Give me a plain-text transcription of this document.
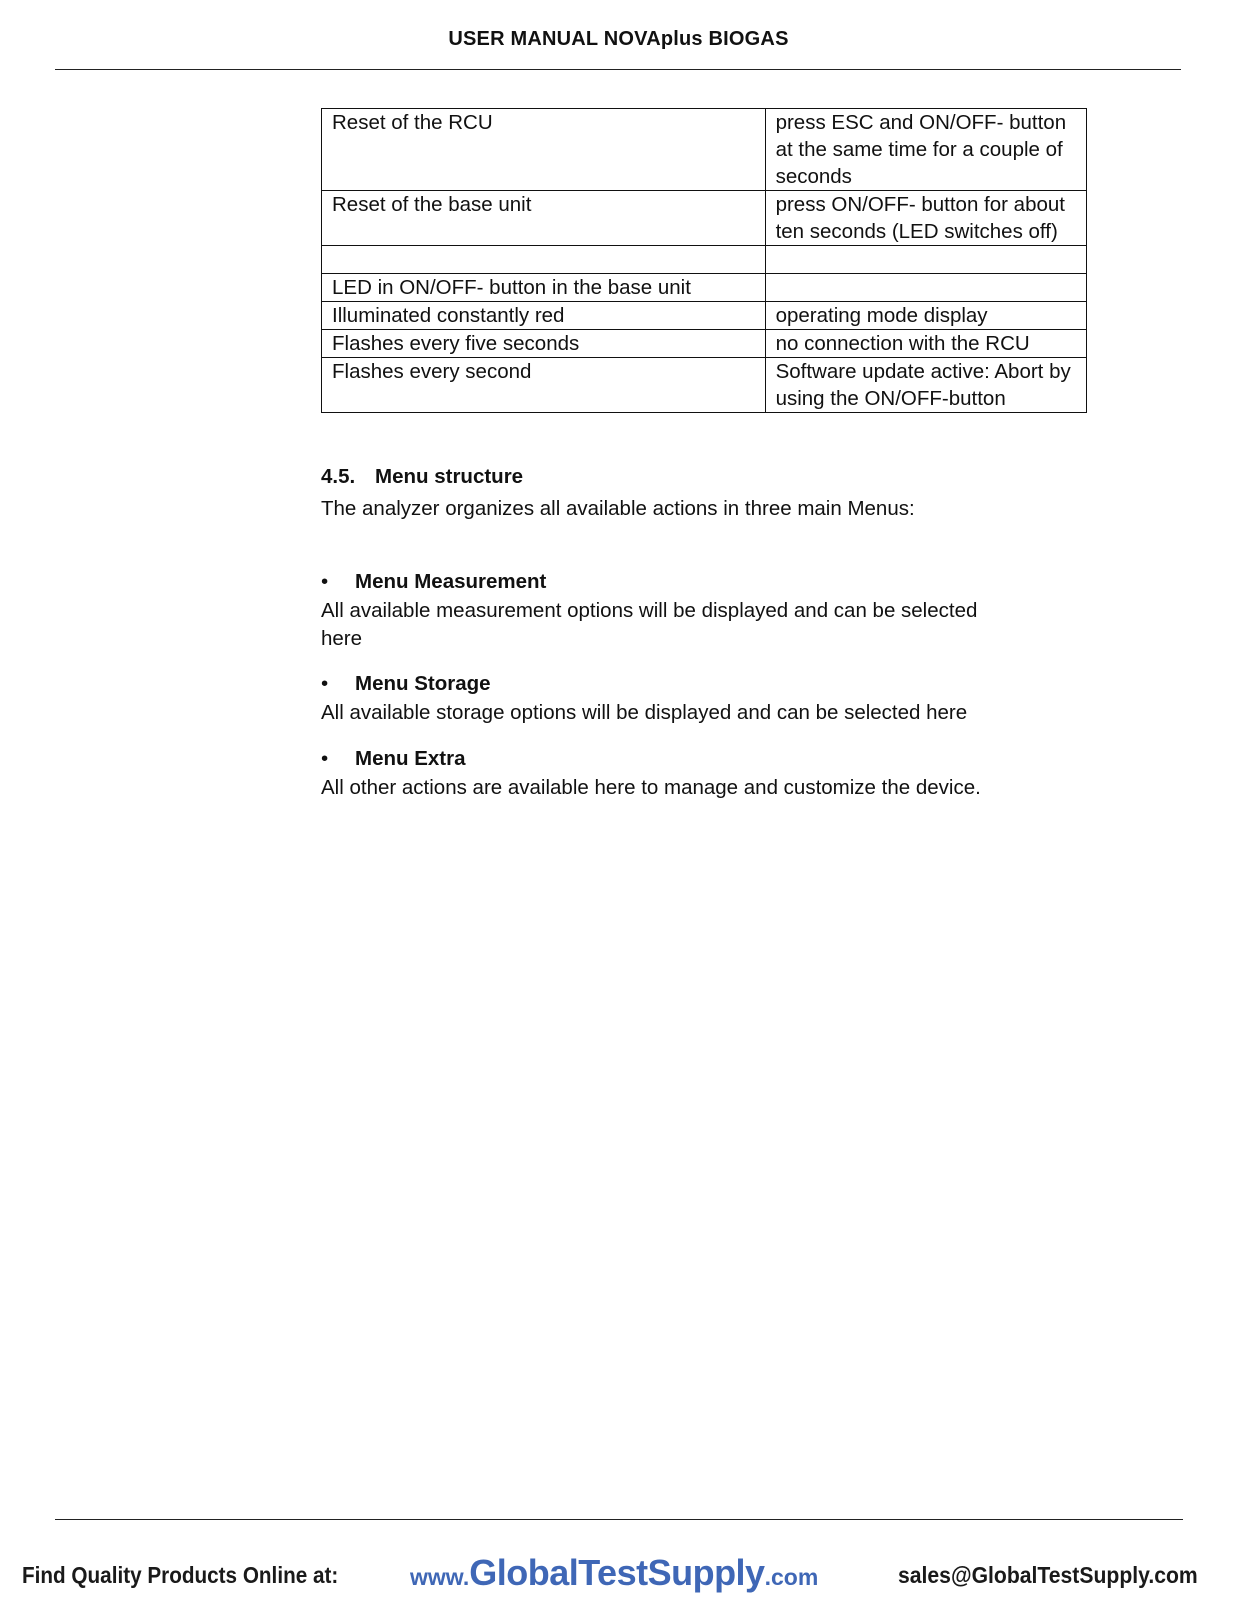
USER MANUAL NOVAplus BIOGAS
Reset of the RCU	press ESC and ON/OFF- button at the same time for a couple of seconds
Reset of the base unit	press ON/OFF- button for about ten seconds (LED switches off)

LED in ON/OFF- button in the base unit	
Illuminated constantly red	operating mode display
Flashes every five seconds	no connection with the RCU
Flashes every second	Software update active: Abort by using the ON/OFF-button
4.5. Menu structure
The analyzer organizes all available actions in three main Menus:
• Menu Measurement
All available measurement options will be displayed and can be selected here
• Menu Storage
All available storage options will be displayed and can be selected here
• Menu Extra
All other actions are available here to manage and customize the device.
Find Quality Products Online at:	www.GlobalTestSupply.com	sales@GlobalTestSupply.com
